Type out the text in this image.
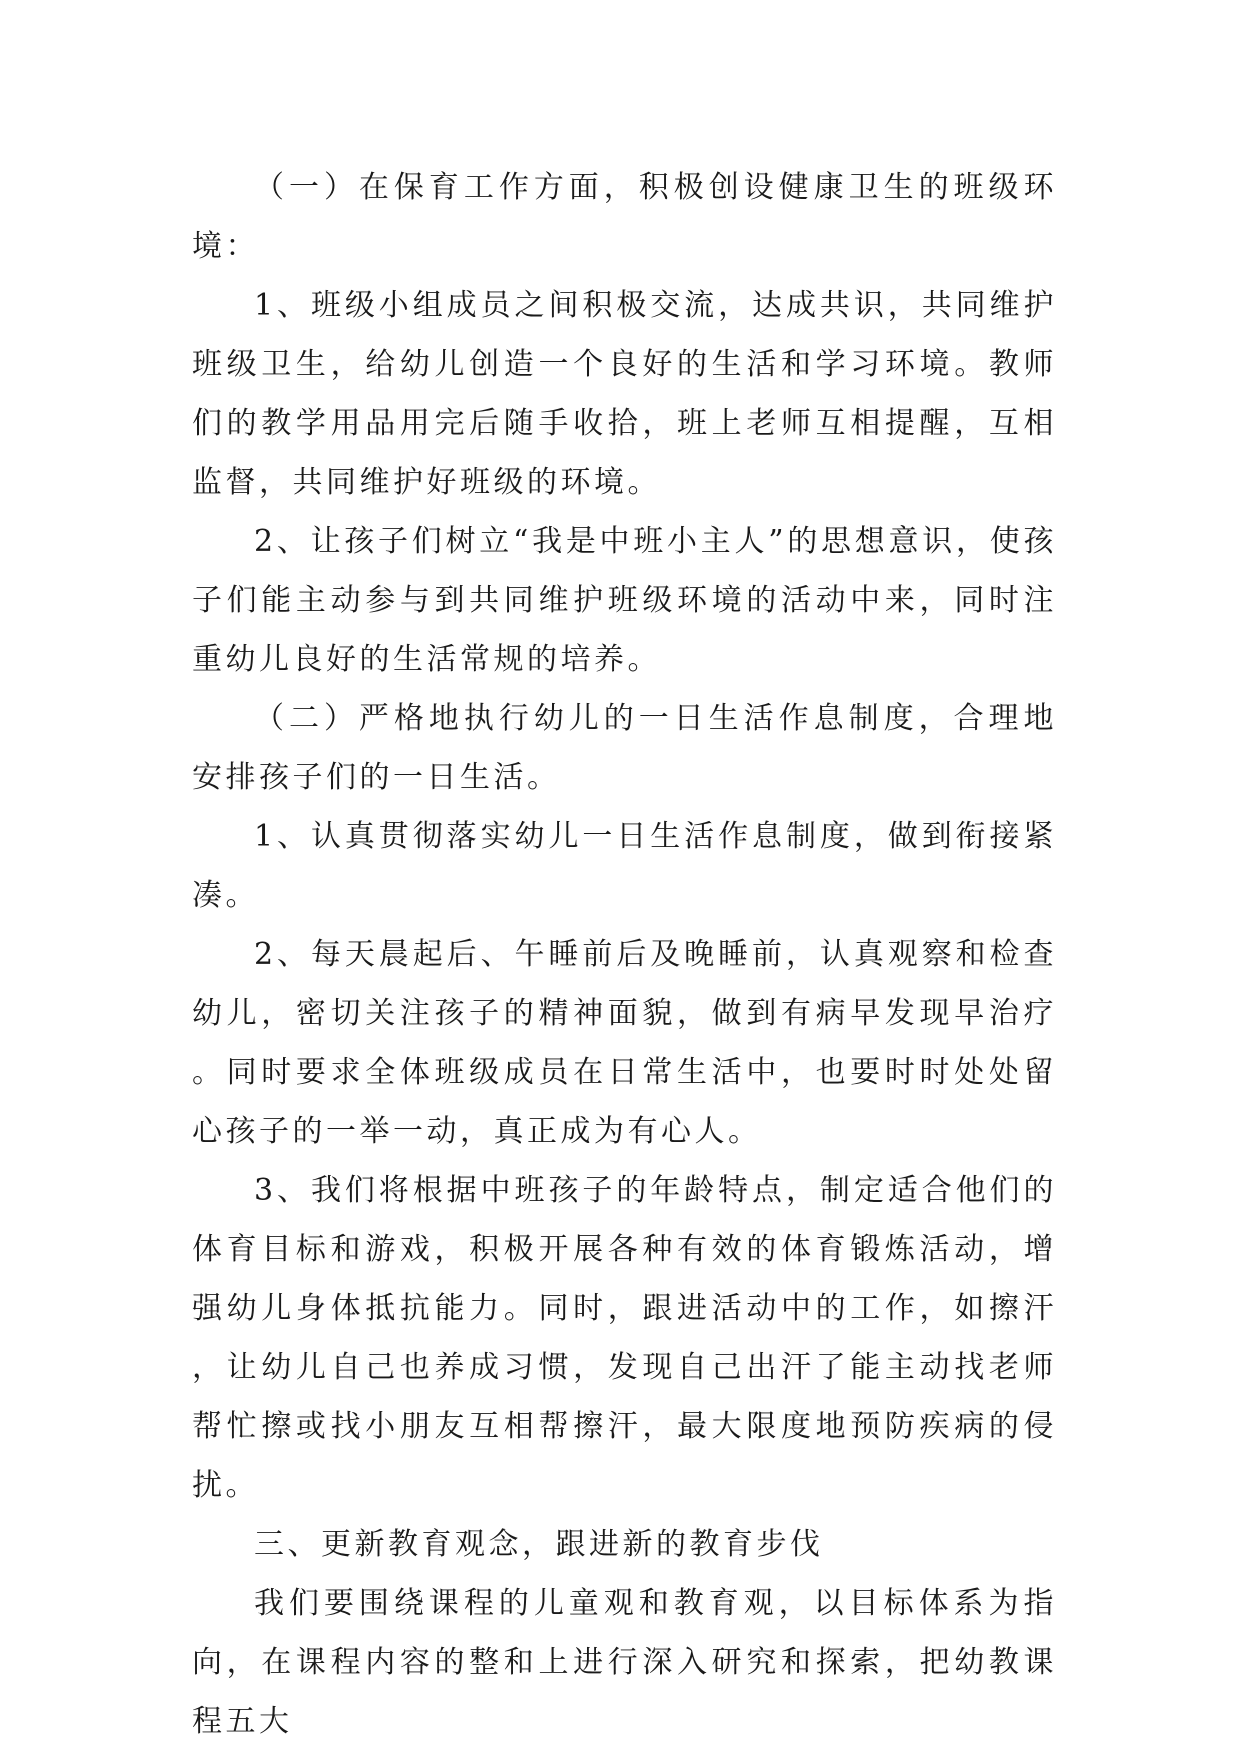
（一）在保育工作方面，积极创设健康卫生的班级环境：

1、班级小组成员之间积极交流，达成共识，共同维护班级卫生，给幼儿创造一个良好的生活和学习环境。教师们的教学用品用完后随手收拾，班上老师互相提醒，互相监督，共同维护好班级的环境。

2、让孩子们树立“我是中班小主人”的思想意识，使孩子们能主动参与到共同维护班级环境的活动中来，同时注重幼儿良好的生活常规的培养。

（二）严格地执行幼儿的一日生活作息制度，合理地安排孩子们的一日生活。

1、认真贯彻落实幼儿一日生活作息制度，做到衔接紧凑。

2、每天晨起后、午睡前后及晚睡前，认真观察和检查幼儿，密切关注孩子的精神面貌，做到有病早发现早治疗。同时要求全体班级成员在日常生活中，也要时时处处留心孩子的一举一动，真正成为有心人。

3、我们将根据中班孩子的年龄特点，制定适合他们的体育目标和游戏，积极开展各种有效的体育锻炼活动，增强幼儿身体抵抗能力。同时，跟进活动中的工作，如擦汗，让幼儿自己也养成习惯，发现自己出汗了能主动找老师帮忙擦或找小朋友互相帮擦汗，最大限度地预防疾病的侵扰。

三、更新教育观念，跟进新的教育步伐

我们要围绕课程的儿童观和教育观，以目标体系为指向，在课程内容的整和上进行深入研究和探索，把幼教课程五大
